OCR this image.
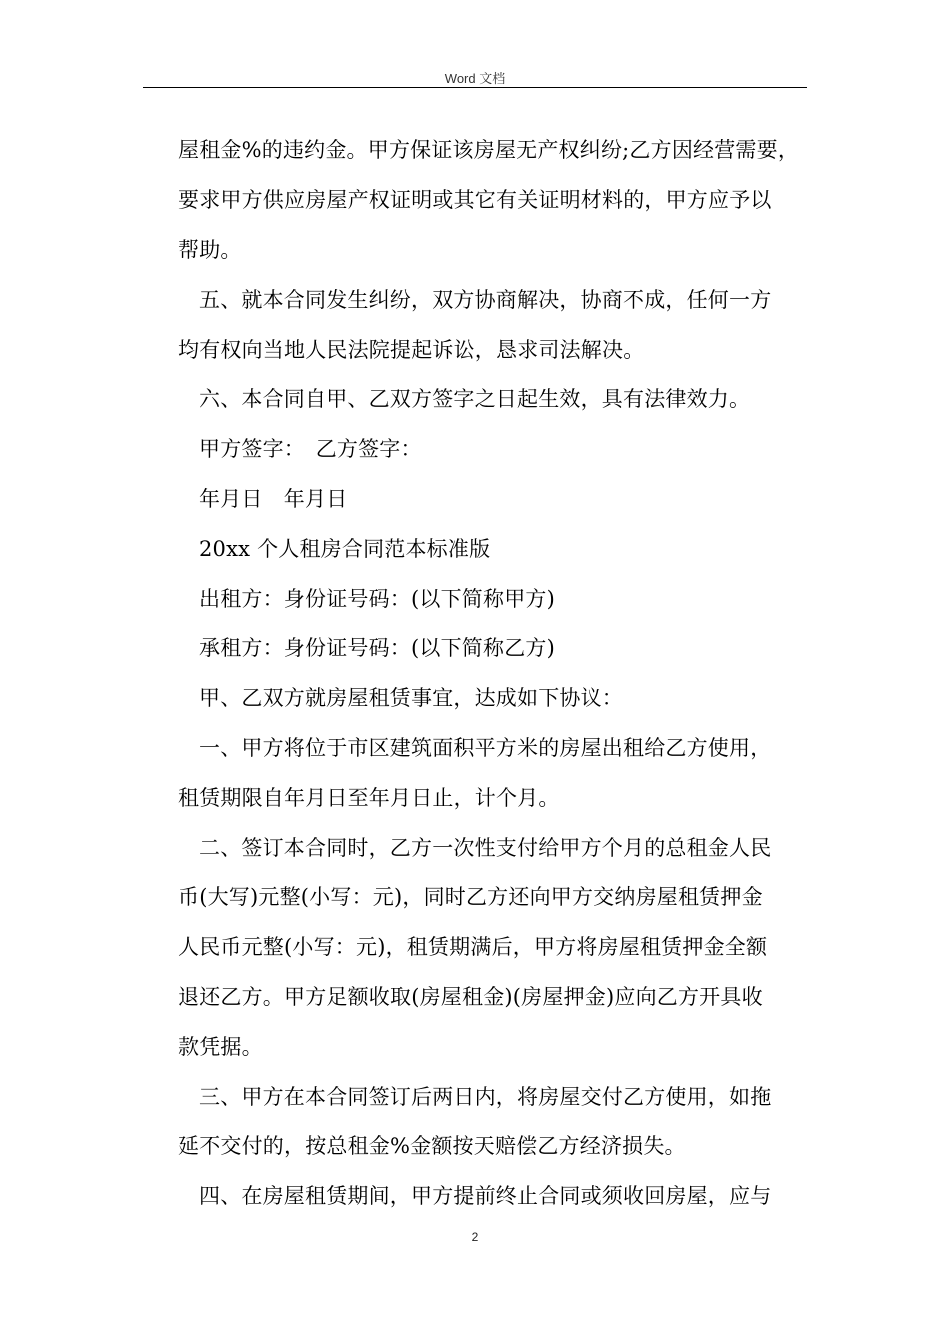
Word 文档
屋租金%的违约金。甲方保证该房屋无产权纠纷;乙方因经营需要，
要求甲方供应房屋产权证明或其它有关证明材料的，甲方应予以
帮助。
五、就本合同发生纠纷，双方协商解决，协商不成，任何一方
均有权向当地人民法院提起诉讼，恳求司法解决。
六、本合同自甲、乙双方签字之日起生效，具有法律效力。
甲方签字：　乙方签字：
年月日　年月日
20xx 个人租房合同范本标准版
出租方：身份证号码：(以下简称甲方)
承租方：身份证号码：(以下简称乙方)
甲、乙双方就房屋租赁事宜，达成如下协议：
一、甲方将位于市区建筑面积平方米的房屋出租给乙方使用，
租赁期限自年月日至年月日止，计个月。
二、签订本合同时，乙方一次性支付给甲方个月的总租金人民
币(大写)元整(小写：元)，同时乙方还向甲方交纳房屋租赁押金
人民币元整(小写：元)，租赁期满后，甲方将房屋租赁押金全额
退还乙方。甲方足额收取(房屋租金)(房屋押金)应向乙方开具收
款凭据。
三、甲方在本合同签订后两日内，将房屋交付乙方使用，如拖
延不交付的，按总租金%金额按天赔偿乙方经济损失。
四、在房屋租赁期间，甲方提前终止合同或须收回房屋，应与
2
